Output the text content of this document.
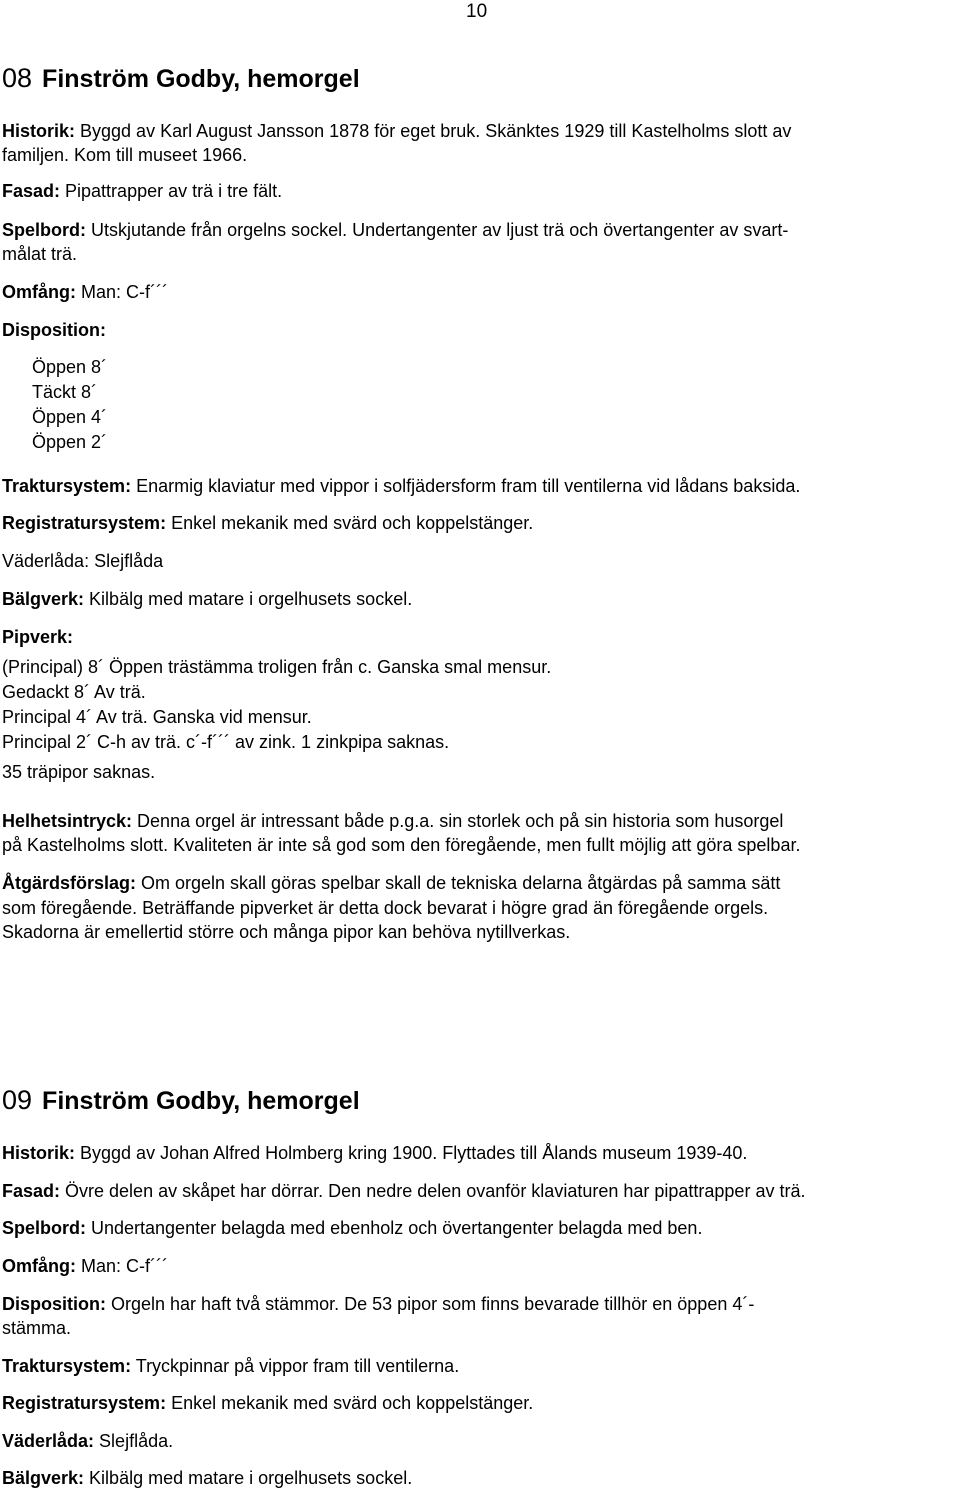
10
08 Finström Godby, hemorgel
Historik: Byggd av Karl August Jansson 1878 för eget bruk. Skänktes 1929 till Kastelholms slott av
familjen. Kom till museet 1966.
Fasad: Pipattrapper av trä i tre fält.
Spelbord: Utskjutande från orgelns sockel. Undertangenter av ljust trä och övertangenter av svart-
målat trä.
Omfång: Man: C-f´´´
Disposition:
Öppen 8´
Täckt 8´
Öppen 4´
Öppen 2´
Traktursystem: Enarmig klaviatur med vippor i solfjädersform fram till ventilerna vid lådans baksida.
Registratursystem: Enkel mekanik med svärd och koppelstänger.
Väderlåda: Slejflåda
Bälgverk: Kilbälg med matare i orgelhusets sockel.
Pipverk:
(Principal) 8´ Öppen trästämma troligen från c. Ganska smal mensur.
Gedackt 8´ Av trä.
Principal 4´ Av trä. Ganska vid mensur.
Principal 2´ C-h av trä. c´-f´´´ av zink. 1 zinkpipa saknas.
35 träpipor saknas.
Helhetsintryck: Denna orgel är intressant både p.g.a. sin storlek och på sin historia som husorgel
på Kastelholms slott. Kvaliteten är inte så god som den föregående, men fullt möjlig att göra spelbar.
Åtgärdsförslag: Om orgeln skall göras spelbar skall de tekniska delarna åtgärdas på samma sätt
som föregående. Beträffande pipverket är detta dock bevarat i högre grad än föregående orgels.
Skadorna är emellertid större och många pipor kan behöva nytillverkas.
09 Finström Godby, hemorgel
Historik: Byggd av Johan Alfred Holmberg kring 1900. Flyttades till Ålands museum 1939-40.
Fasad: Övre delen av skåpet har dörrar. Den nedre delen ovanför klaviaturen har pipattrapper av trä.
Spelbord: Undertangenter belagda med ebenholz och övertangenter belagda med ben.
Omfång: Man: C-f´´´
Disposition: Orgeln har haft två stämmor. De 53 pipor som finns bevarade tillhör en öppen 4´-
stämma.
Traktursystem: Tryckpinnar på vippor fram till ventilerna.
Registratursystem: Enkel mekanik med svärd och koppelstänger.
Väderlåda: Slejflåda.
Bälgverk: Kilbälg med matare i orgelhusets sockel.
